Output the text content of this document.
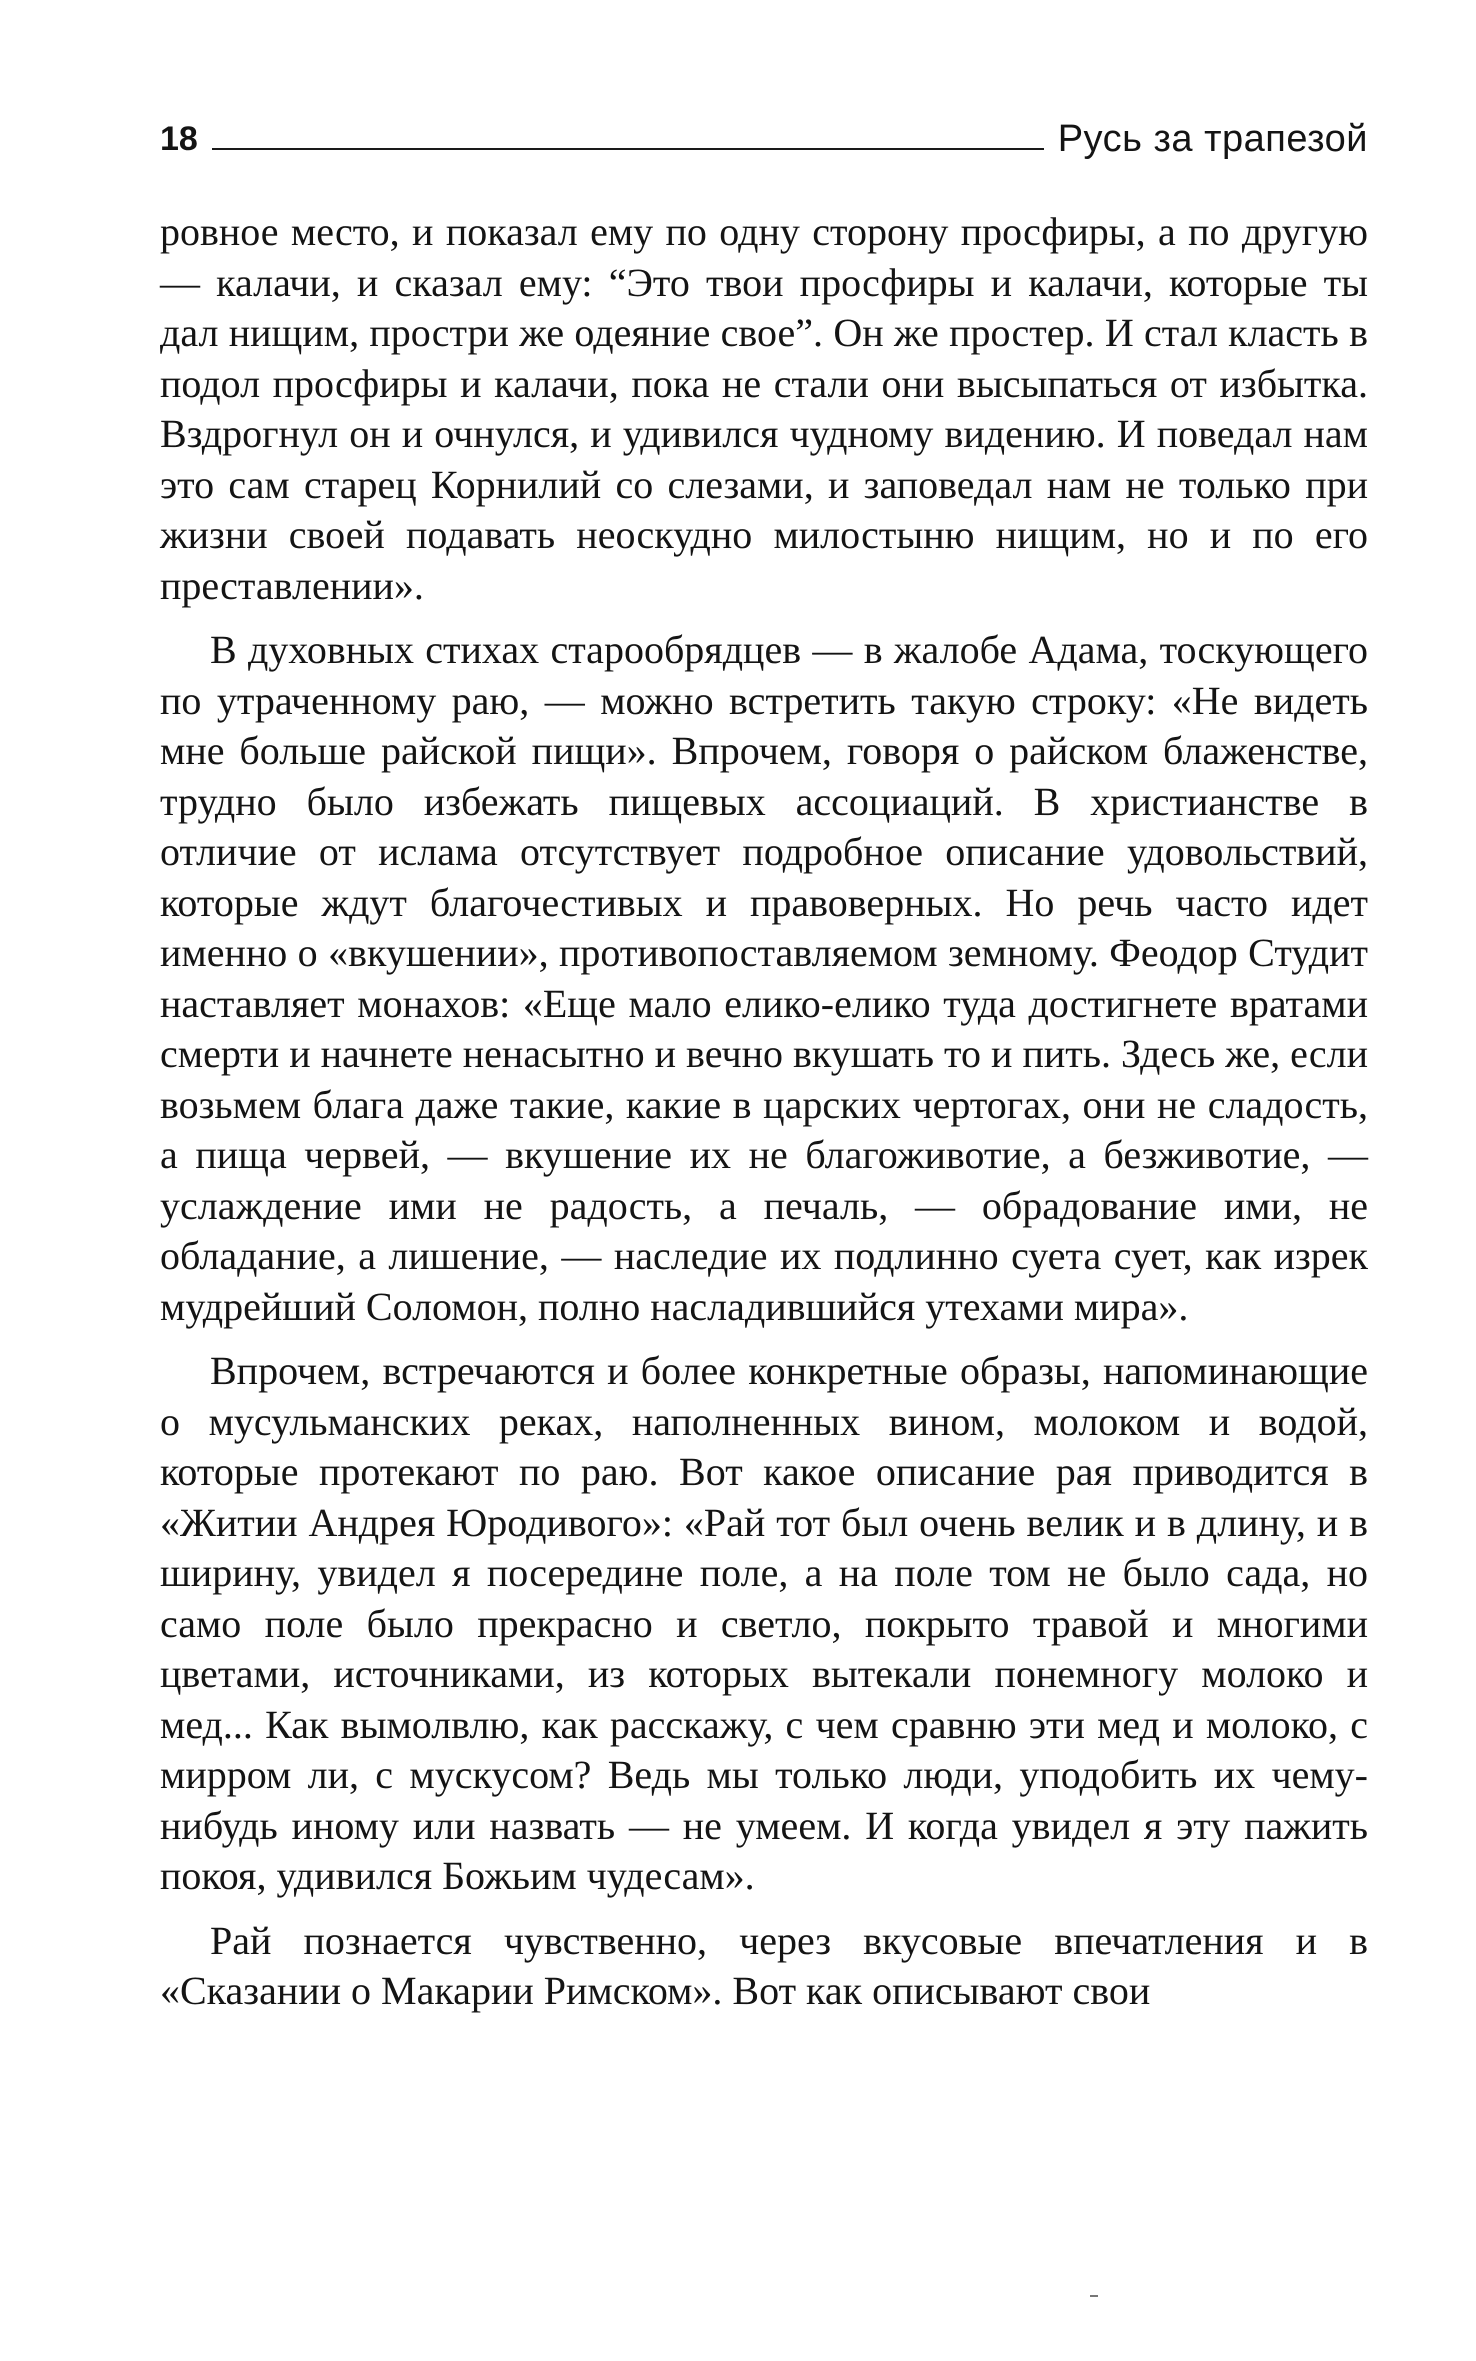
18	Русь за трапезой

ровное место, и показал ему по одну сторону просфиры, а по другую — калачи, и сказал ему: “Это твои просфиры и калачи, которые ты дал нищим, простри же одеяние свое”. Он же простер. И стал класть в подол просфиры и калачи, пока не стали они высыпаться от избытка. Вздрогнул он и очнулся, и удивился чудному видению. И поведал нам это сам старец Корнилий со слезами, и заповедал нам не только при жизни своей подавать неоскудно милостыню нищим, но и по его преставлении».

В духовных стихах старообрядцев — в жалобе Адама, тоскующего по утраченному раю, — можно встретить такую строку: «Не видеть мне больше райской пищи». Впрочем, говоря о райском блаженстве, трудно было избежать пищевых ассоциаций. В христианстве в отличие от ислама отсутствует подробное описание удовольствий, которые ждут благочестивых и правоверных. Но речь часто идет именно о «вкушении», противопоставляемом земному. Феодор Студит наставляет монахов: «Еще мало елико-елико туда достигнете вратами смерти и начнете ненасытно и вечно вкушать то и пить. Здесь же, если возьмем блага даже такие, какие в царских чертогах, они не сладость, а пища червей, — вкушение их не благоживотие, а безживотие, — услаждение ими не радость, а печаль, — обрадование ими, не обладание, а лишение, — наследие их подлинно суета сует, как изрек мудрейший Соломон, полно насладившийся утехами мира».

Впрочем, встречаются и более конкретные образы, напоминающие о мусульманских реках, наполненных вином, молоком и водой, которые протекают по раю. Вот какое описание рая приводится в «Житии Андрея Юродивого»: «Рай тот был очень велик и в длину, и в ширину, увидел я посередине поле, а на поле том не было сада, но само поле было прекрасно и светло, покрыто травой и многими цветами, источниками, из которых вытекали понемногу молоко и мед... Как вымолвлю, как расскажу, с чем сравню эти мед и молоко, с мирром ли, с мускусом? Ведь мы только люди, уподобить их чему-нибудь иному или назвать — не умеем. И когда увидел я эту пажить покоя, удивился Божьим чудесам».

Рай познается чувственно, через вкусовые впечатления и в «Сказании о Макарии Римском». Вот как описывают свои
